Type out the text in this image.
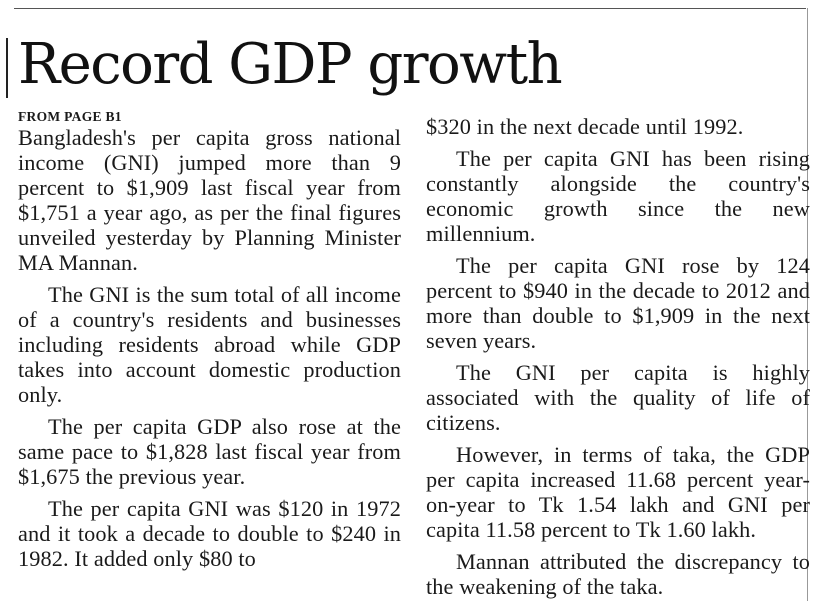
Record GDP growth
FROM PAGE B1

Bangladesh's per capita gross national income (GNI) jumped more than 9 percent to $1,909 last fiscal year from $1,751 a year ago, as per the final figures unveiled yesterday by Planning Minister MA Mannan.

The GNI is the sum total of all income of a country's residents and businesses including residents abroad while GDP takes into account domestic production only.

The per capita GDP also rose at the same pace to $1,828 last fiscal year from $1,675 the previous year.

The per capita GNI was $120 in 1972 and it took a decade to double to $240 in 1982. It added only $80 to

$320 in the next decade until 1992.

The per capita GNI has been rising constantly alongside the country's economic growth since the new millennium.

The per capita GNI rose by 124 percent to $940 in the decade to 2012 and more than double to $1,909 in the next seven years.

The GNI per capita is highly associated with the quality of life of citizens.

However, in terms of taka, the GDP per capita increased 11.68 percent year-on-year to Tk 1.54 lakh and GNI per capita 11.58 percent to Tk 1.60 lakh.

Mannan attributed the discrepancy to the weakening of the taka.
